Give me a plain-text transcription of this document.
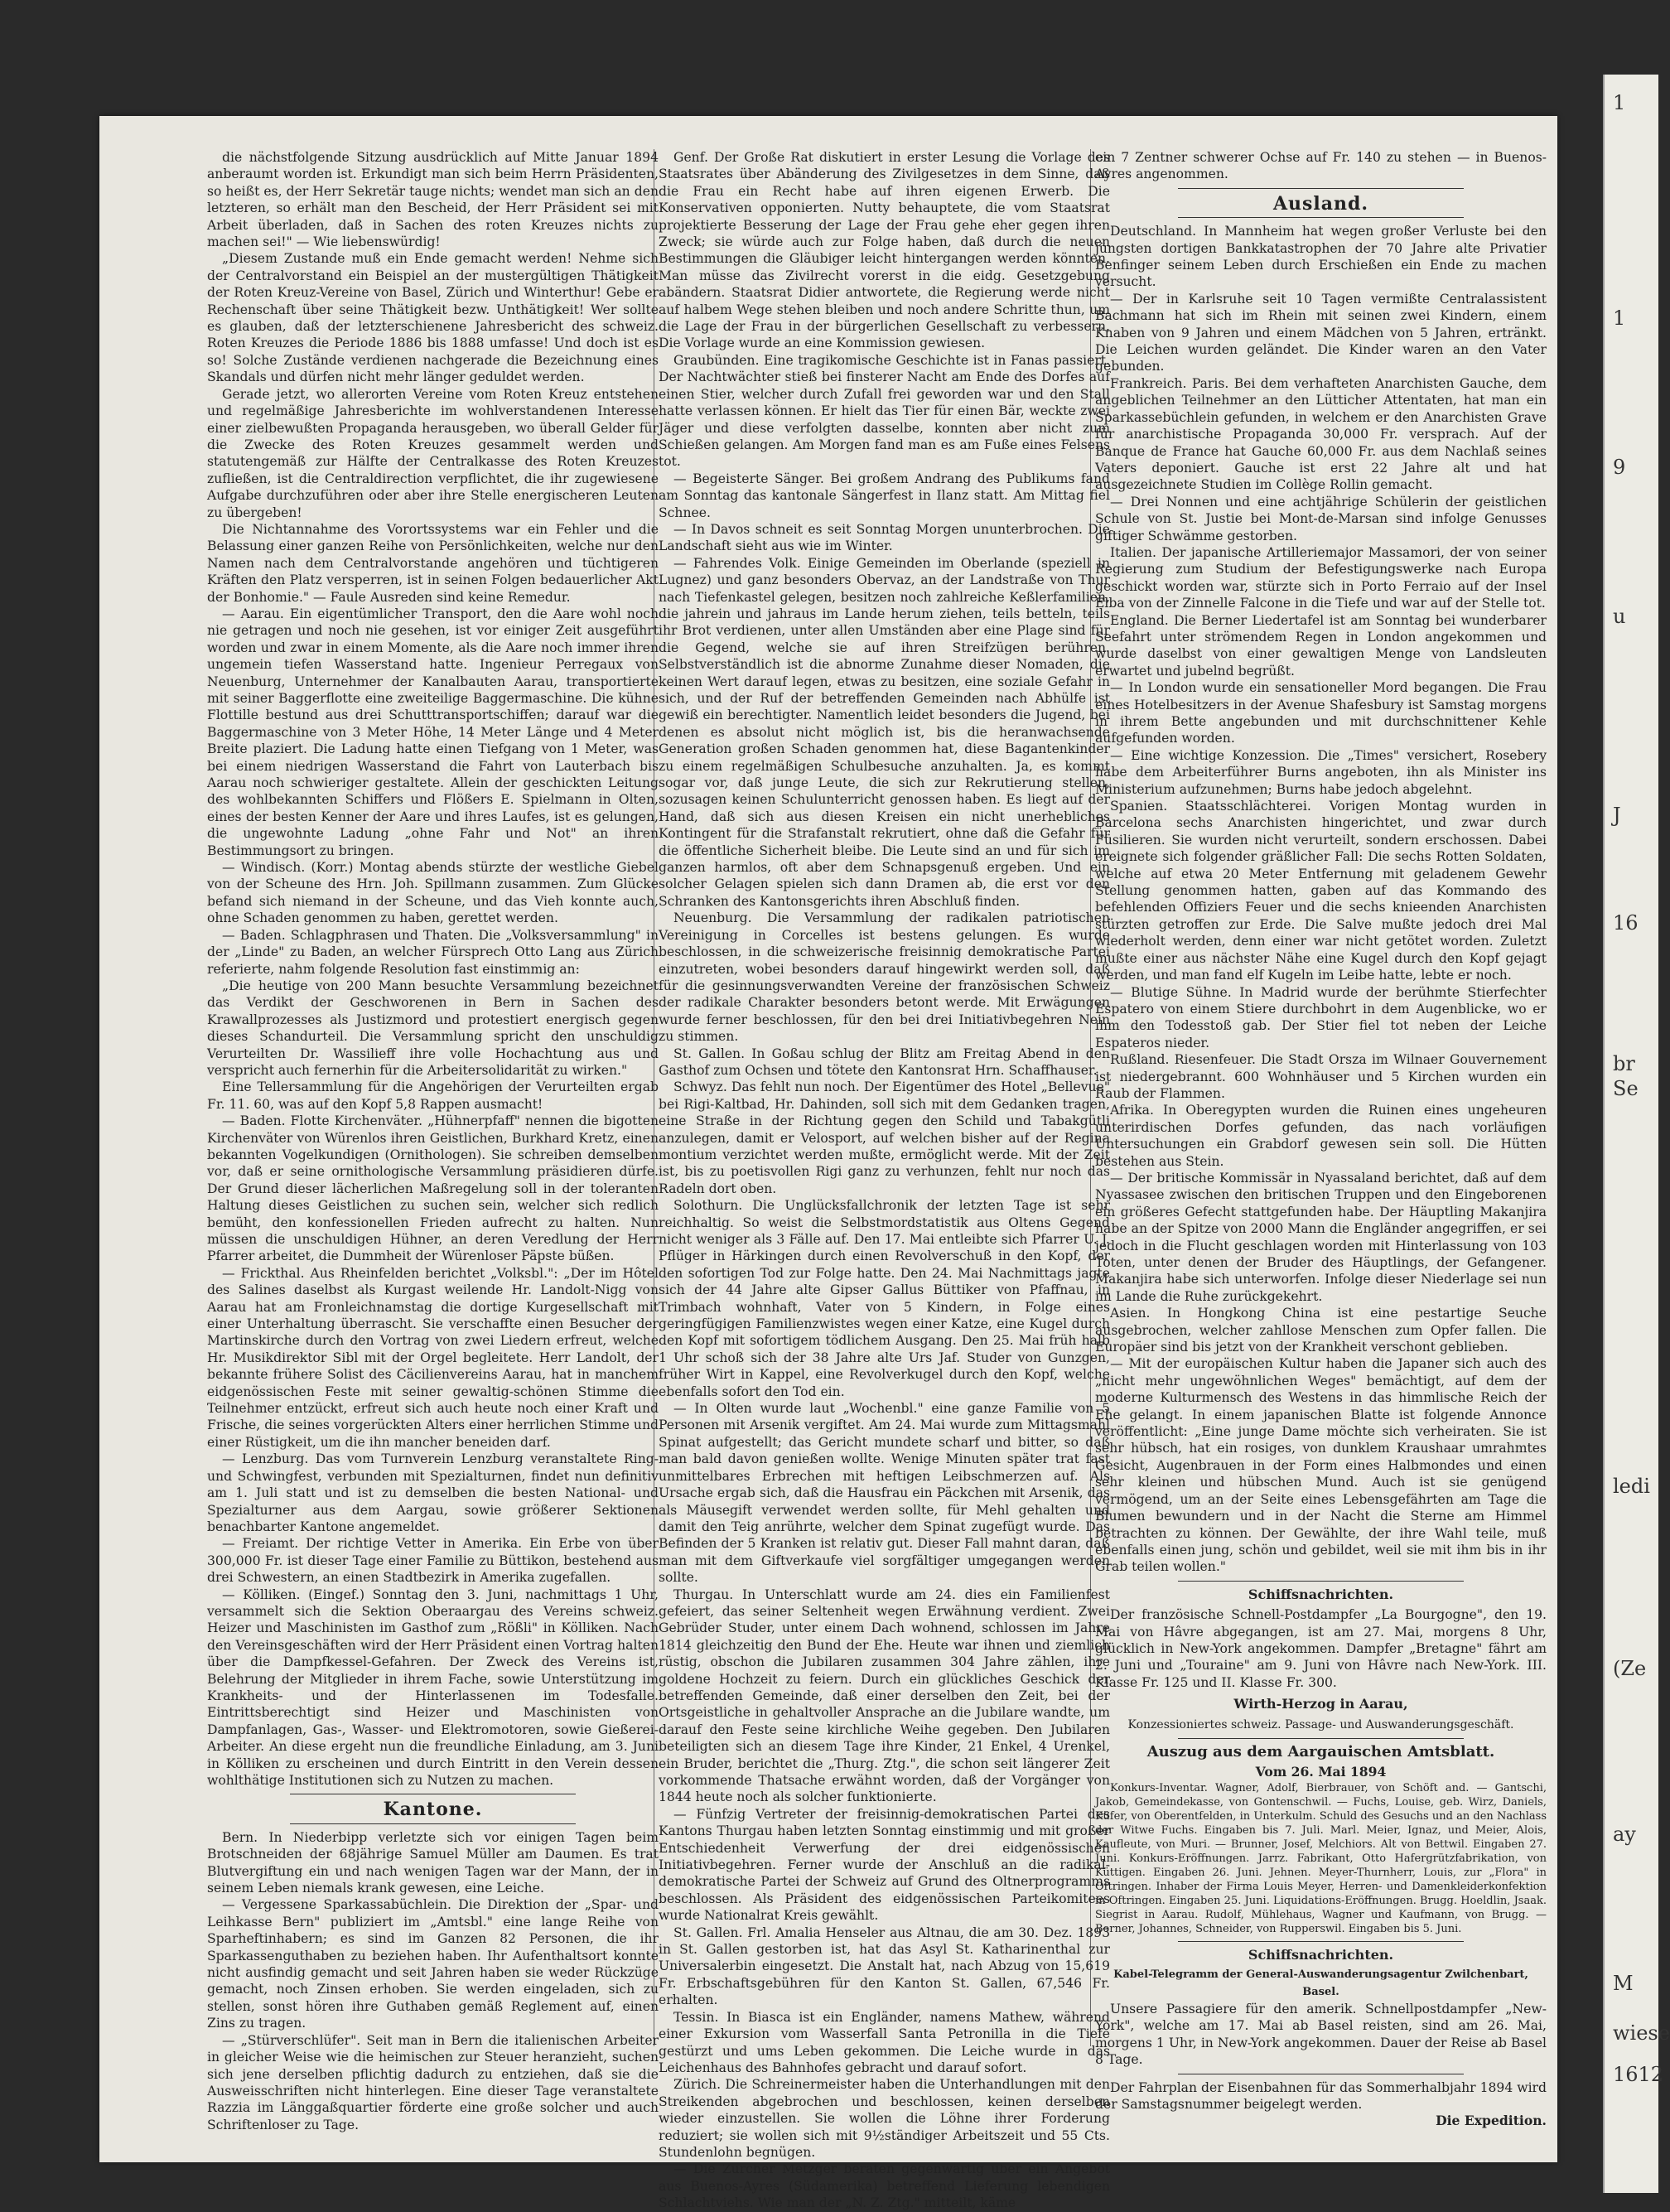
1
9
16
1
u
J
br
Se
ledi
(Ze
ay
M
wiese
1612

die nächstfolgende Sitzung ausdrücklich auf Mitte Januar 1894 anberaumt worden ist. Erkundigt man sich beim Herrn Präsidenten, so heißt es, der Herr Sekretär tauge nichts; wendet man sich an den letzteren, so erhält man den Bescheid, der Herr Präsident sei mit Arbeit überladen, daß in Sachen des roten Kreuzes nichts zu machen sei!" — Wie liebenswürdig!

„Diesem Zustande muß ein Ende gemacht werden! Nehme sich der Centralvorstand ein Beispiel an der mustergültigen Thätigkeit der Roten Kreuz-Vereine von Basel, Zürich und Winterthur! Gebe er Rechenschaft über seine Thätigkeit bezw. Unthätigkeit! Wer sollte es glauben, daß der letzterschienene Jahresbericht des schweiz. Roten Kreuzes die Periode 1886 bis 1888 umfasse! Und doch ist es so! Solche Zustände verdienen nachgerade die Bezeichnung eines Skandals und dürfen nicht mehr länger geduldet werden.

Gerade jetzt, wo allerorten Vereine vom Roten Kreuz entstehen und regelmäßige Jahresberichte im wohlverstandenen Interesse einer zielbewußten Propaganda herausgeben, wo überall Gelder für die Zwecke des Roten Kreuzes gesammelt werden und statutengemäß zur Hälfte der Centralkasse des Roten Kreuzes zufließen, ist die Centraldirection verpflichtet, die ihr zugewiesene Aufgabe durchzuführen oder aber ihre Stelle energischeren Leuten zu übergeben!

Die Nichtannahme des Vorortssystems war ein Fehler und die Belassung einer ganzen Reihe von Persönlichkeiten, welche nur den Namen nach dem Centralvorstande angehören und tüchtigeren Kräften den Platz versperren, ist in seinen Folgen bedauerlicher Akt der Bonhomie." — Faule Ausreden sind keine Remedur.

— Aarau. Ein eigentümlicher Transport, den die Aare wohl noch nie getragen und noch nie gesehen, ist vor einiger Zeit ausgeführt worden und zwar in einem Momente, als die Aare noch immer ihren ungemein tiefen Wasserstand hatte. Ingenieur Perregaux von Neuenburg, Unternehmer der Kanalbauten Aarau, transportierte mit seiner Baggerflotte eine zweiteilige Baggermaschine. Die kühne Flottille bestund aus drei Schutttransportschiffen; darauf war die Baggermaschine von 3 Meter Höhe, 14 Meter Länge und 4 Meter Breite plaziert. Die Ladung hatte einen Tiefgang von 1 Meter, was bei einem niedrigen Wasserstand die Fahrt von Lauterbach bis Aarau noch schwieriger gestaltete. Allein der geschickten Leitung des wohlbekannten Schiffers und Flößers E. Spielmann in Olten, eines der besten Kenner der Aare und ihres Laufes, ist es gelungen, die ungewohnte Ladung „ohne Fahr und Not" an ihren Bestimmungsort zu bringen.

— Windisch. (Korr.) Montag abends stürzte der westliche Giebel von der Scheune des Hrn. Joh. Spillmann zusammen. Zum Glücke befand sich niemand in der Scheune, und das Vieh konnte auch, ohne Schaden genommen zu haben, gerettet werden.

— Baden. Schlagphrasen und Thaten. Die „Volksversammlung" in der „Linde" zu Baden, an welcher Fürsprech Otto Lang aus Zürich referierte, nahm folgende Resolution fast einstimmig an:

„Die heutige von 200 Mann besuchte Versammlung bezeichnet das Verdikt der Geschworenen in Bern in Sachen des Krawallprozesses als Justizmord und protestiert energisch gegen dieses Schandurteil. Die Versammlung spricht den unschuldig Verurteilten Dr. Wassilieff ihre volle Hochachtung aus und verspricht auch fernerhin für die Arbeitersolidarität zu wirken."

Eine Tellersammlung für die Angehörigen der Verurteilten ergab Fr. 11. 60, was auf den Kopf 5,8 Rappen ausmacht!

— Baden. Flotte Kirchenväter. „Hühnerpfaff" nennen die bigotten Kirchenväter von Würenlos ihren Geistlichen, Burkhard Kretz, einen bekannten Vogelkundigen (Ornithologen). Sie schreiben demselben vor, daß er seine ornithologische Versammlung präsidieren dürfe. Der Grund dieser lächerlichen Maßregelung soll in der toleranten Haltung dieses Geistlichen zu suchen sein, welcher sich redlich bemüht, den konfessionellen Frieden aufrecht zu halten. Nun müssen die unschuldigen Hühner, an deren Veredlung der Herr Pfarrer arbeitet, die Dummheit der Würenloser Päpste büßen.

— Frickthal. Aus Rheinfelden berichtet „Volksbl.": „Der im Hôtel des Salines daselbst als Kurgast weilende Hr. Landolt-Nigg von Aarau hat am Fronleichnamstag die dortige Kurgesellschaft mit einer Unterhaltung überrascht. Sie verschaffte einen Besucher der Martinskirche durch den Vortrag von zwei Liedern erfreut, welche Hr. Musikdirektor Sibl mit der Orgel begleitete. Herr Landolt, der bekannte frühere Solist des Cäcilienvereins Aarau, hat in manchem eidgenössischen Feste mit seiner gewaltig-schönen Stimme die Teilnehmer entzückt, erfreut sich auch heute noch einer Kraft und Frische, die seines vorgerückten Alters einer herrlichen Stimme und einer Rüstigkeit, um die ihn mancher beneiden darf.

— Lenzburg. Das vom Turnverein Lenzburg veranstaltete Ring- und Schwingfest, verbunden mit Spezialturnen, findet nun definitiv am 1. Juli statt und ist zu demselben die besten National- und Spezialturner aus dem Aargau, sowie größerer Sektionen benachbarter Kantone angemeldet.

— Freiamt. Der richtige Vetter in Amerika. Ein Erbe von über 300,000 Fr. ist dieser Tage einer Familie zu Büttikon, bestehend aus drei Schwestern, an einen Stadtbezirk in Amerika zugefallen.

— Kölliken. (Eingef.) Sonntag den 3. Juni, nachmittags 1 Uhr, versammelt sich die Sektion Oberaargau des Vereins schweiz. Heizer und Maschinisten im Gasthof zum „Rößli" in Kölliken. Nach den Vereinsgeschäften wird der Herr Präsident einen Vortrag halten über die Dampfkessel-Gefahren. Der Zweck des Vereins ist, Belehrung der Mitglieder in ihrem Fache, sowie Unterstützung im Krankheits- und der Hinterlassenen im Todesfalle. Eintrittsberechtigt sind Heizer und Maschinisten von Dampfanlagen, Gas-, Wasser- und Elektromotoren, sowie Gießerei-Arbeiter. An diese ergeht nun die freundliche Einladung, am 3. Juni in Kölliken zu erscheinen und durch Eintritt in den Verein dessen wohlthätige Institutionen sich zu Nutzen zu machen.

Kantone.

Bern. In Niederbipp verletzte sich vor einigen Tagen beim Brotschneiden der 68jährige Samuel Müller am Daumen. Es trat Blutvergiftung ein und nach wenigen Tagen war der Mann, der in seinem Leben niemals krank gewesen, eine Leiche.

— Vergessene Sparkassabüchlein. Die Direktion der „Spar- und Leihkasse Bern" publiziert im „Amtsbl." eine lange Reihe von Sparheftinhabern; es sind im Ganzen 82 Personen, die ihr Sparkassenguthaben zu beziehen haben. Ihr Aufenthaltsort konnte nicht ausfindig gemacht und seit Jahren haben sie weder Rückzüge gemacht, noch Zinsen erhoben. Sie werden eingeladen, sich zu stellen, sonst hören ihre Guthaben gemäß Reglement auf, einen Zins zu tragen.

— „Stürverschlüfer". Seit man in Bern die italienischen Arbeiter in gleicher Weise wie die heimischen zur Steuer heranzieht, suchen sich jene derselben pflichtig dadurch zu entziehen, daß sie die Ausweisschriften nicht hinterlegen. Eine dieser Tage veranstaltete Razzia im Länggaßquartier förderte eine große solcher und auch Schriftenloser zu Tage.

Genf. Der Große Rat diskutiert in erster Lesung die Vorlage des Staatsrates über Abänderung des Zivilgesetzes in dem Sinne, daß die Frau ein Recht habe auf ihren eigenen Erwerb. Die Konservativen opponierten. Nutty behauptete, die vom Staatsrat projektierte Besserung der Lage der Frau gehe eher gegen ihren Zweck; sie würde auch zur Folge haben, daß durch die neuen Bestimmungen die Gläubiger leicht hintergangen werden könnten. Man müsse das Zivilrecht vorerst in die eidg. Gesetzgebung abändern. Staatsrat Didier antwortete, die Regierung werde nicht auf halbem Wege stehen bleiben und noch andere Schritte thun, um die Lage der Frau in der bürgerlichen Gesellschaft zu verbessern. Die Vorlage wurde an eine Kommission gewiesen.

Graubünden. Eine tragikomische Geschichte ist in Fanas passiert. Der Nachtwächter stieß bei finsterer Nacht am Ende des Dorfes auf einen Stier, welcher durch Zufall frei geworden war und den Stall hatte verlassen können. Er hielt das Tier für einen Bär, weckte zwei Jäger und diese verfolgten dasselbe, konnten aber nicht zum Schießen gelangen. Am Morgen fand man es am Fuße eines Felsens tot.

— Begeisterte Sänger. Bei großem Andrang des Publikums fand am Sonntag das kantonale Sängerfest in Ilanz statt. Am Mittag fiel Schnee.

— In Davos schneit es seit Sonntag Morgen ununterbrochen. Die Landschaft sieht aus wie im Winter.

— Fahrendes Volk. Einige Gemeinden im Oberlande (speziell in Lugnez) und ganz besonders Obervaz, an der Landstraße von Thur nach Tiefenkastel gelegen, besitzen noch zahlreiche Keßlerfamilien, die jahrein und jahraus im Lande herum ziehen, teils betteln, teils ihr Brot verdienen, unter allen Umständen aber eine Plage sind für die Gegend, welche sie auf ihren Streifzügen berühren. Selbstverständlich ist die abnorme Zunahme dieser Nomaden, die keinen Wert darauf legen, etwas zu besitzen, eine soziale Gefahr in sich, und der Ruf der betreffenden Gemeinden nach Abhülfe ist gewiß ein berechtigter. Namentlich leidet besonders die Jugend, bei denen es absolut nicht möglich ist, bis die heranwachsende Generation großen Schaden genommen hat, diese Bagantenkinder zu einem regelmäßigen Schulbesuche anzuhalten. Ja, es kommt sogar vor, daß junge Leute, die sich zur Rekrutierung stellen, sozusagen keinen Schulunterricht genossen haben. Es liegt auf der Hand, daß sich aus diesen Kreisen ein nicht unerhebliches Kontingent für die Strafanstalt rekrutiert, ohne daß die Gefahr für die öffentliche Sicherheit bleibe. Die Leute sind an und für sich im ganzen harmlos, oft aber dem Schnapsgenuß ergeben. Und ein solcher Gelagen spielen sich dann Dramen ab, die erst vor den Schranken des Kantonsgerichts ihren Abschluß finden.

Neuenburg. Die Versammlung der radikalen patriotischen Vereinigung in Corcelles ist bestens gelungen. Es wurde beschlossen, in die schweizerische freisinnig demokratische Partei einzutreten, wobei besonders darauf hingewirkt werden soll, daß für die gesinnungsverwandten Vereine der französischen Schweiz der radikale Charakter besonders betont werde. Mit Erwägungen wurde ferner beschlossen, für den bei drei Initiativbegehren Nein zu stimmen.

St. Gallen. In Goßau schlug der Blitz am Freitag Abend in den Gasthof zum Ochsen und tötete den Kantonsrat Hrn. Schaffhauser.

Schwyz. Das fehlt nun noch. Der Eigentümer des Hotel „Bellevue" bei Rigi-Kaltbad, Hr. Dahinden, soll sich mit dem Gedanken tragen, eine Straße in der Richtung gegen den Schild und Tabakgütli anzulegen, damit er Velosport, auf welchen bisher auf der Regina montium verzichtet werden mußte, ermöglicht werde. Mit der Zeit ist, bis zu poetisvollen Rigi ganz zu verhunzen, fehlt nur noch das Radeln dort oben.

Solothurn. Die Unglücksfallchronik der letzten Tage ist sehr reichhaltig. So weist die Selbstmordstatistik aus Oltens Gegend nicht weniger als 3 Fälle auf. Den 17. Mai entleibte sich Pfarrer U. J. Pflüger in Härkingen durch einen Revolverschuß in den Kopf, der den sofortigen Tod zur Folge hatte. Den 24. Mai Nachmittags jagte sich der 44 Jahre alte Gipser Gallus Büttiker von Pfaffnau, in Trimbach wohnhaft, Vater von 5 Kindern, in Folge eines geringfügigen Familienzwistes wegen einer Katze, eine Kugel durch den Kopf mit sofortigem tödlichem Ausgang. Den 25. Mai früh halb 1 Uhr schoß sich der 38 Jahre alte Urs Jaf. Studer von Gunzgen, früher Wirt in Kappel, eine Revolverkugel durch den Kopf, welche ebenfalls sofort den Tod ein.

— In Olten wurde laut „Wochenbl." eine ganze Familie von 5 Personen mit Arsenik vergiftet. Am 24. Mai wurde zum Mittagsmahl Spinat aufgestellt; das Gericht mundete scharf und bitter, so daß man bald davon genießen wollte. Wenige Minuten später trat fast unmittelbares Erbrechen mit heftigen Leibschmerzen auf. Als Ursache ergab sich, daß die Hausfrau ein Päckchen mit Arsenik, das als Mäusegift verwendet werden sollte, für Mehl gehalten und damit den Teig anrührte, welcher dem Spinat zugefügt wurde. Das Befinden der 5 Kranken ist relativ gut. Dieser Fall mahnt daran, daß man mit dem Giftverkaufe viel sorgfältiger umgegangen werden sollte.

Thurgau. In Unterschlatt wurde am 24. dies ein Familienfest gefeiert, das seiner Seltenheit wegen Erwähnung verdient. Zwei Gebrüder Studer, unter einem Dach wohnend, schlossen im Jahre 1814 gleichzeitig den Bund der Ehe. Heute war ihnen und ziemlich rüstig, obschon die Jubilaren zusammen 304 Jahre zählen, ihre goldene Hochzeit zu feiern. Durch ein glückliches Geschick der betreffenden Gemeinde, daß einer derselben den Zeit, bei der Ortsgeistliche in gehaltvoller Ansprache an die Jubilare wandte, um darauf den Feste seine kirchliche Weihe gegeben. Den Jubilaren beteiligten sich an diesem Tage ihre Kinder, 21 Enkel, 4 Urenkel, ein Bruder, berichtet die „Thurg. Ztg.", die schon seit längerer Zeit vorkommende Thatsache erwähnt worden, daß der Vorgänger von 1844 heute noch als solcher funktionierte.

— Fünfzig Vertreter der freisinnig-demokratischen Partei des Kantons Thurgau haben letzten Sonntag einstimmig und mit großer Entschiedenheit Verwerfung der drei eidgenössischen Initiativbegehren. Ferner wurde der Anschluß an die radikal-demokratische Partei der Schweiz auf Grund des Oltnerprogramms beschlossen. Als Präsident des eidgenössischen Parteikomitees wurde Nationalrat Kreis gewählt.

St. Gallen. Frl. Amalia Henseler aus Altnau, die am 30. Dez. 1893 in St. Gallen gestorben ist, hat das Asyl St. Katharinenthal zur Universalerbin eingesetzt. Die Anstalt hat, nach Abzug von 15,619 Fr. Erbschaftsgebühren für den Kanton St. Gallen, 67,546 Fr. erhalten.

Tessin. In Biasca ist ein Engländer, namens Mathew, während einer Exkursion vom Wasserfall Santa Petronilla in die Tiefe gestürzt und ums Leben gekommen. Die Leiche wurde in das Leichenhaus des Bahnhofes gebracht und darauf sofort.

Zürich. Die Schreinermeister haben die Unterhandlungen mit den Streikenden abgebrochen und beschlossen, keinen derselben wieder einzustellen. Sie wollen die Löhne ihrer Forderung reduziert; sie wollen sich mit 9½ständiger Arbeitszeit und 55 Cts. Stundenlohn begnügen.

— Die Zürcher Metzger beraten gegenwärtig über ein Angebot aus Buenos-Ayres (Südamerika) betreffend Lieferung lebendigen Schlachtviehs. Wie man der „N. Z. Ztg." mitteilt, käme

ein 7 Zentner schwerer Ochse auf Fr. 140 zu stehen — in Buenos-Ayres angenommen.

Ausland.

Deutschland. In Mannheim hat wegen großer Verluste bei den jüngsten dortigen Bankkatastrophen der 70 Jahre alte Privatier Benfinger seinem Leben durch Erschießen ein Ende zu machen versucht.

— Der in Karlsruhe seit 10 Tagen vermißte Centralassistent Bachmann hat sich im Rhein mit seinen zwei Kindern, einem Knaben von 9 Jahren und einem Mädchen von 5 Jahren, ertränkt. Die Leichen wurden geländet. Die Kinder waren an den Vater gebunden.

Frankreich. Paris. Bei dem verhafteten Anarchisten Gauche, dem angeblichen Teilnehmer an den Lütticher Attentaten, hat man ein Sparkassebüchlein gefunden, in welchem er den Anarchisten Grave für anarchistische Propaganda 30,000 Fr. versprach. Auf der Banque de France hat Gauche 60,000 Fr. aus dem Nachlaß seines Vaters deponiert. Gauche ist erst 22 Jahre alt und hat ausgezeichnete Studien im Collège Rollin gemacht.

— Drei Nonnen und eine achtjährige Schülerin der geistlichen Schule von St. Justie bei Mont-de-Marsan sind infolge Genusses giftiger Schwämme gestorben.

Italien. Der japanische Artilleriemajor Massamori, der von seiner Regierung zum Studium der Befestigungswerke nach Europa geschickt worden war, stürzte sich in Porto Ferraio auf der Insel Elba von der Zinnelle Falcone in die Tiefe und war auf der Stelle tot.

England. Die Berner Liedertafel ist am Sonntag bei wunderbarer Seefahrt unter strömendem Regen in London angekommen und wurde daselbst von einer gewaltigen Menge von Landsleuten erwartet und jubelnd begrüßt.

— In London wurde ein sensationeller Mord begangen. Die Frau eines Hotelbesitzers in der Avenue Shafesbury ist Samstag morgens in ihrem Bette angebunden und mit durchschnittener Kehle aufgefunden worden.

— Eine wichtige Konzession. Die „Times" versichert, Rosebery habe dem Arbeiterführer Burns angeboten, ihn als Minister ins Ministerium aufzunehmen; Burns habe jedoch abgelehnt.

Spanien. Staatsschlächterei. Vorigen Montag wurden in Barcelona sechs Anarchisten hingerichtet, und zwar durch Füsilieren. Sie wurden nicht verurteilt, sondern erschossen. Dabei ereignete sich folgender gräßlicher Fall: Die sechs Rotten Soldaten, welche auf etwa 20 Meter Entfernung mit geladenem Gewehr Stellung genommen hatten, gaben auf das Kommando des befehlenden Offiziers Feuer und die sechs knieenden Anarchisten stürzten getroffen zur Erde. Die Salve mußte jedoch drei Mal wiederholt werden, denn einer war nicht getötet worden. Zuletzt mußte einer aus nächster Nähe eine Kugel durch den Kopf gejagt werden, und man fand elf Kugeln im Leibe hatte, lebte er noch.

— Blutige Sühne. In Madrid wurde der berühmte Stierfechter Espatero von einem Stiere durchbohrt in dem Augenblicke, wo er ihm den Todesstoß gab. Der Stier fiel tot neben der Leiche Espateros nieder.

Rußland. Riesenfeuer. Die Stadt Orsza im Wilnaer Gouvernement ist niedergebrannt. 600 Wohnhäuser und 5 Kirchen wurden ein Raub der Flammen.

Afrika. In Oberegypten wurden die Ruinen eines ungeheuren unterirdischen Dorfes gefunden, das nach vorläufigen Untersuchungen ein Grabdorf gewesen sein soll. Die Hütten bestehen aus Stein.

— Der britische Kommissär in Nyassaland berichtet, daß auf dem Nyassasee zwischen den britischen Truppen und den Eingeborenen ein größeres Gefecht stattgefunden habe. Der Häuptling Makanjira habe an der Spitze von 2000 Mann die Engländer angegriffen, er sei jedoch in die Flucht geschlagen worden mit Hinterlassung von 103 Toten, unter denen der Bruder des Häuptlings, der Gefangener. Makanjira habe sich unterworfen. Infolge dieser Niederlage sei nun im Lande die Ruhe zurückgekehrt.

Asien. In Hongkong China ist eine pestartige Seuche ausgebrochen, welcher zahllose Menschen zum Opfer fallen. Die Europäer sind bis jetzt von der Krankheit verschont geblieben.

— Mit der europäischen Kultur haben die Japaner sich auch des „nicht mehr ungewöhnlichen Weges" bemächtigt, auf dem der moderne Kulturmensch des Westens in das himmlische Reich der Ehe gelangt. In einem japanischen Blatte ist folgende Annonce veröffentlicht: „Eine junge Dame möchte sich verheiraten. Sie ist sehr hübsch, hat ein rosiges, von dunklem Kraushaar umrahmtes Gesicht, Augenbrauen in der Form eines Halbmondes und einen sehr kleinen und hübschen Mund. Auch ist sie genügend vermögend, um an der Seite eines Lebensgefährten am Tage die Blumen bewundern und in der Nacht die Sterne am Himmel betrachten zu können. Der Gewählte, der ihre Wahl teile, muß ebenfalls einen jung, schön und gebildet, weil sie mit ihm bis in ihr Grab teilen wollen."

Schiffsnachrichten.

Der französische Schnell-Postdampfer „La Bourgogne", den 19. Mai von Hâvre abgegangen, ist am 27. Mai, morgens 8 Uhr, glücklich in New-York angekommen. Dampfer „Bretagne" fährt am 2. Juni und „Touraine" am 9. Juni von Hâvre nach New-York. III. Klasse Fr. 125 und II. Klasse Fr. 300.

Wirth-Herzog in Aarau,
Konzessioniertes schweiz. Passage- und Auswanderungsgeschäft.
Auszug aus dem Aargauischen Amtsblatt.
Vom 26. Mai 1894

Konkurs-Inventar. Wagner, Adolf, Bierbrauer, von Schöft and. — Gantschi, Jakob, Gemeindekasse, von Gontenschwil. — Fuchs, Louise, geb. Wirz, Daniels, Küfer, von Oberentfelden, in Unterkulm. Schuld des Gesuchs und an den Nachlass der Witwe Fuchs. Eingaben bis 7. Juli. Marl. Meier, Ignaz, und Meier, Alois, Kaufleute, von Muri. — Brunner, Josef, Melchiors. Alt von Bettwil. Eingaben 27. Juni. Konkurs-Eröffnungen. Jarrz. Fabrikant, Otto Hafergrützfabrikation, von Küttigen. Eingaben 26. Juni. Jehnen. Meyer-Thurnherr, Louis, zur „Flora" in Oftringen. Inhaber der Firma Louis Meyer, Herren- und Damenkleiderkonfektion in Oftringen. Eingaben 25. Juni. Liquidations-Eröffnungen. Brugg. Hoeldlin, Jsaak. Siegrist in Aarau. Rudolf, Mühlehaus, Wagner und Kaufmann, von Brugg. — Berner, Johannes, Schneider, von Rupperswil. Eingaben bis 5. Juni.

Schiffsnachrichten.
Kabel-Telegramm der General-Auswanderungsagentur Zwilchenbart, Basel.

Unsere Passagiere für den amerik. Schnellpostdampfer „New-York", welche am 17. Mai ab Basel reisten, sind am 26. Mai, morgens 1 Uhr, in New-York angekommen. Dauer der Reise ab Basel 8 Tage.

Der Fahrplan der Eisenbahnen für das Sommerhalbjahr 1894 wird der Samstagsnummer beigelegt werden.

Die Expedition.
